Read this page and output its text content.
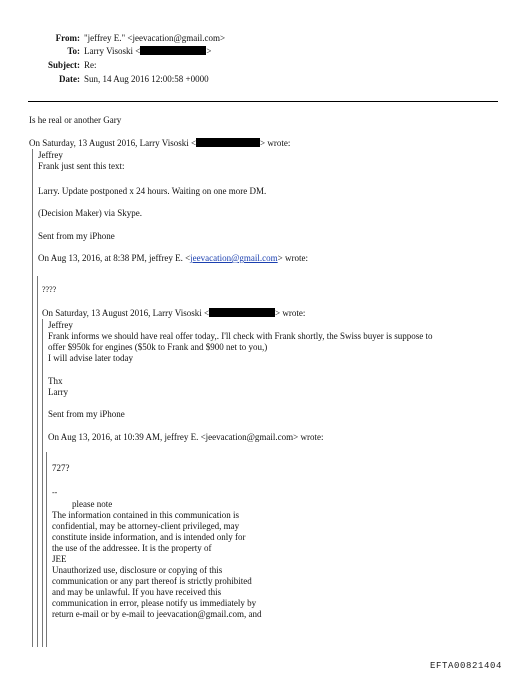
From: "jeffrey E." <jeevacation@gmail.com>
To: Larry Visoski <	>
Subject: Re:
Date: Sun, 14 Aug 2016 12:00:58 +0000
Is he real or another Gary
On Saturday, 13 August 2016, Larry Visoski <	> wrote:
Jeffrey
Frank just sent this text:
Larry. Update postponed x 24 hours. Waiting on one more DM.
(Decision Maker) via Skype.
Sent from my iPhone
On Aug 13, 2016, at 8:38 PM, jeffrey E. <jeevacation@gmail.com> wrote:
????
On Saturday, 13 August 2016, Larry Visoski <	> wrote:
Jeffrey
Frank informs we should have real offer today,. I'll check with Frank shortly, the Swiss buyer is suppose to
offer $950k for engines ($50k to Frank and $900 net to you,)
I will advise later today
Thx
Larry
Sent from my iPhone
On Aug 13, 2016, at 10:39 AM, jeffrey E. <jeevacation@gmail.com> wrote:
727?
--
please note
The information contained in this communication is
confidential, may be attorney-client privileged, may
constitute inside information, and is intended only for
the use of the addressee. It is the property of
JEE
Unauthorized use, disclosure or copying of this
communication or any part thereof is strictly prohibited
and may be unlawful. If you have received this
communication in error, please notify us immediately by
return e-mail or by e-mail to jeevacation@gmail.com, and
EFTA00821404
